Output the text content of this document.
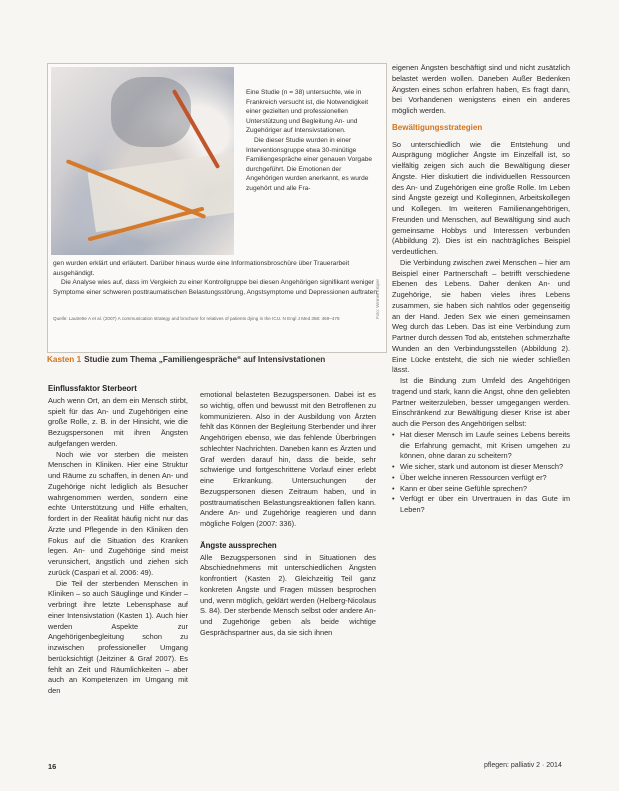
Eine Studie (n = 38) untersuchte, wie in Frankreich versucht ist, die Notwendigkeit einer gezielten und professionellen Unterstützung und Begleitung An- und Zugehöriger auf Intensivstationen.

Die dieser Studie wurden in einer Interventionsgruppe etwa 30-minütige Familiengespräche einer genauen Vorgabe durchgeführt. Die Emotionen der Angehörigen wurden anerkannt, es wurde zugehört und alle Fra-

gen wurden erklärt und erläutert. Darüber hinaus wurde eine Informationsbroschüre über Trauerarbeit ausgehändigt.

Die Analyse wies auf, dass im Vergleich zu einer Kontrollgruppe bei diesen Angehörigen signifikant weniger Symptome einer schweren posttraumatischen Belastungsstörung, Angstsymptome und Depressionen auftraten.

Quelle: Lautrette A et al. (2007) A communication strategy and brochure for relatives of patients dying in the ICU. N Engl J Med 356: 469–478	Foto: Werner Krüper
Kasten 1 Studie zum Thema „Familiengespräche“ auf Intensivstationen
Einflussfaktor Sterbeort

Auch wenn Ort, an dem ein Mensch stirbt, spielt für das An- und Zugehörigen eine große Rolle, z. B. in der Hinsicht, wie die Bezugspersonen mit ihren Ängsten aufgefangen werden.

Noch wie vor sterben die meisten Menschen in Kliniken. Hier eine Struktur und Räume zu schaffen, in denen An- und Zugehörige nicht lediglich als Besucher wahrgenommen werden, sondern eine echte Unterstützung und Hilfe erhalten, fordert in der Realität häufig nicht nur das Ärzte und Pflegende in den Kliniken den Fokus auf die Situation des Kranken legen. An- und Zugehörige sind meist verunsichert, ängstlich und ziehen sich zurück (Caspari et al. 2006: 49).

Die Teil der sterbenden Menschen in Kliniken – so auch Säuglinge und Kinder – verbringt ihre letzte Lebensphase auf einer Intensivstation (Kasten 1). Auch hier werden Aspekte zur Angehörigenbegleitung schon zu inzwischen professioneller Umgang berücksichtigt (Jeitziner & Graf 2007). Es fehlt an Zeit und Räumlichkeiten – aber auch an Kompetenzen im Umgang mit den

emotional belasteten Bezugspersonen. Dabei ist es so wichtig, offen und bewusst mit den Betroffenen zu kommunizieren. Also in der Ausbildung von Ärzten fehlt das Können der Begleitung Sterbender und ihrer Angehörigen ebenso, wie das fehlende Überbringen schlechter Nachrichten. Daneben kann es Ärzten und Graf werden darauf hin, dass die beide, sehr schwierige und fortgeschrittene Vorlauf einer erlebt eine Erkrankung. Untersuchungen der Bezugspersonen diesen Zeitraum haben, und in posttraumatischen Belastungsreaktionen fallen kann. Andere An- und Zugehörige reagieren und dann mögliche Folgen (2007: 336).

Ängste aussprechen

Alle Bezugspersonen sind in Situationen des Abschiednehmens mit unterschiedlichen Ängsten konfrontiert (Kasten 2). Gleichzeitig Teil ganz konkreten Ängste und Fragen müssen besprochen und, wenn möglich, geklärt werden (Helberg-Nicolaus S. 84). Der sterbende Mensch selbst oder andere An- und Zugehörige geben als beide wichtige Gesprächspartner aus, da sie sich ihnen

eigenen Ängsten beschäftigt sind und nicht zusätzlich belastet werden wollen. Daneben Außer Bedenken Ängsten eines schon erfahren haben, Es fragt dann, bei Vorhandenen wenigstens einen ein anderes möglich werden.

Bewältigungsstrategien

So unterschiedlich wie die Entstehung und Ausprägung möglicher Ängste im Einzelfall ist, so vielfältig zeigen sich auch die Bewältigung dieser Ängste. Hier diskutiert die individuellen Ressourcen des An- und Zugehörigen eine große Rolle. Im Leben sind Ängste gezeigt und Kolleginnen, Arbeitskollegen und Kollegen. Im weiteren Familienangehörigen, Freunden und Menschen, auf Bewältigung sind auch gemeinsame Hobbys und Interessen verbunden (Abbildung 2). Dies ist ein nachträgliches Beispiel verdeutlichen.

Die Verbindung zwischen zwei Menschen – hier am Beispiel einer Partnerschaft – betrifft verschiedene Ebenen des Lebens. Daher denken An- und Zugehörige, sie haben vieles ihres Lebens zusammen, sie haben sich nahtlos oder gegenseitig an der Hand. Jeden Sex wie einen gemeinsamen Weg durch das Leben. Das ist eine Verbindung zum Partner durch dessen Tod ab, entstehen schmerzhafte Wunden an den Verbindungsstellen (Abbildung 2). Eine Lücke entsteht, die sich nie wieder schließen lässt.

Ist die Bindung zum Umfeld des Angehörigen tragend und stark, kann die Angst, ohne den geliebten Partner weiterzuleben, besser umgegangen werden. Einschränkend zur Bewältigung dieser Krise ist aber auch die Person des Angehörigen selbst:

• Hat dieser Mensch im Laufe seines Lebens bereits die Erfahrung gemacht, mit Krisen umgehen zu können, ohne daran zu scheitern?
• Wie sicher, stark und autonom ist dieser Mensch?
• Über welche inneren Ressourcen verfügt er?
• Kann er über seine Gefühle sprechen?
• Verfügt er über ein Urvertrauen in das Gute im Leben?
16	pflegen: palliativ 2 · 2014
